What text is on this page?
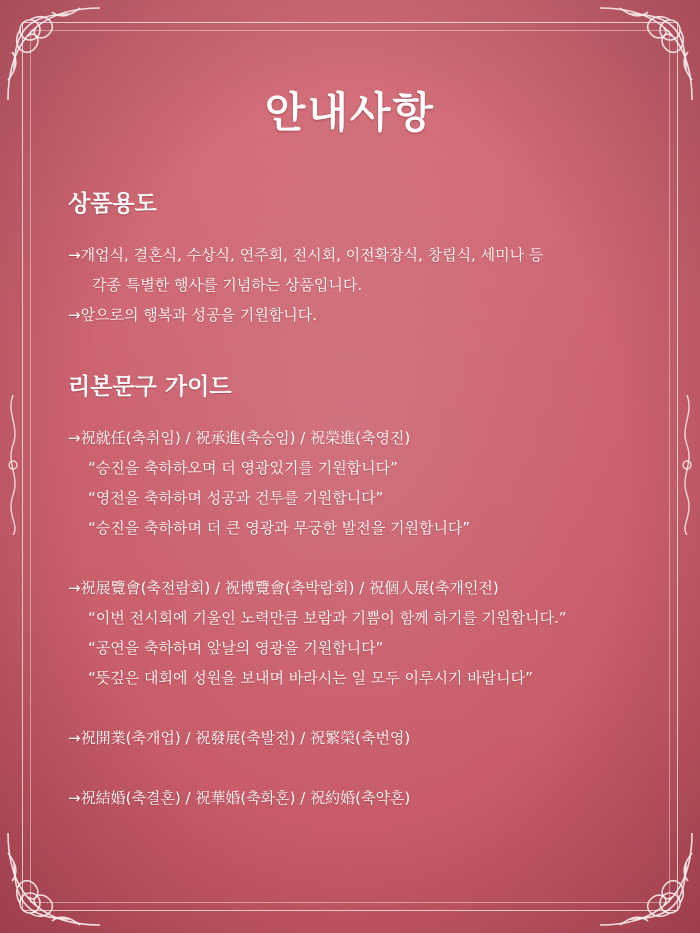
안내사항
상품용도
→개업식, 결혼식, 수상식, 연주회, 전시회, 이전확장식, 창립식, 세미나 등
각종 특별한 행사를 기념하는 상품입니다.
→앞으로의 행복과 성공을 기원합니다.
리본문구 가이드
→祝就任(축취임) / 祝承進(축승임) / 祝榮進(축영진)
“승진을 축하하오며 더 영광있기를 기원합니다”
“영전을 축하하며 성공과 건투를 기원합니다”
“승진을 축하하며 더 큰 영광과 무궁한 발전을 기원합니다”
→祝展覽會(축전람회) / 祝博覽會(축박람회) / 祝個人展(축개인전)
“이번 전시회에 기울인 노력만큼 보람과 기쁨이 함께 하기를 기원합니다.”
“공연을 축하하며 앞날의 영광을 기원합니다”
“뜻깊은 대회에 성원을 보내며 바라시는 일 모두 이루시기 바랍니다”
→祝開業(축개업) / 祝發展(축발전) / 祝繁榮(축번영)
→祝結婚(축결혼) / 祝華婚(축화혼) / 祝約婚(축약혼)
